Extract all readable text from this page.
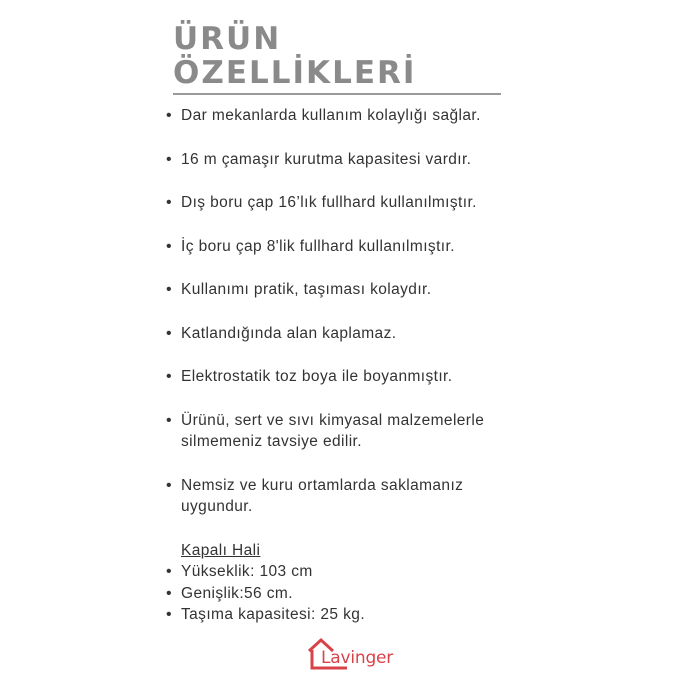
ÜRÜN
ÖZELLİKLERİ
• Dar mekanlarda kullanım kolaylığı sağlar.
• 16 m çamaşır kurutma kapasitesi vardır.
• Dış boru çap 16’lık fullhard kullanılmıştır.
• İç boru çap 8'lik fullhard kullanılmıştır.
• Kullanımı pratik, taşıması kolaydır.
• Katlandığında alan kaplamaz.
• Elektrostatik toz boya ile boyanmıştır.
• Ürünü, sert ve sıvı kimyasal malzemelerle silmemeniz tavsiye edilir.
• Nemsiz ve kuru ortamlarda saklamanız uygundur.
Kapalı Hali
• Yükseklik: 103 cm
• Genişlik:56 cm.
• Taşıma kapasitesi: 25 kg.
Lavinger
